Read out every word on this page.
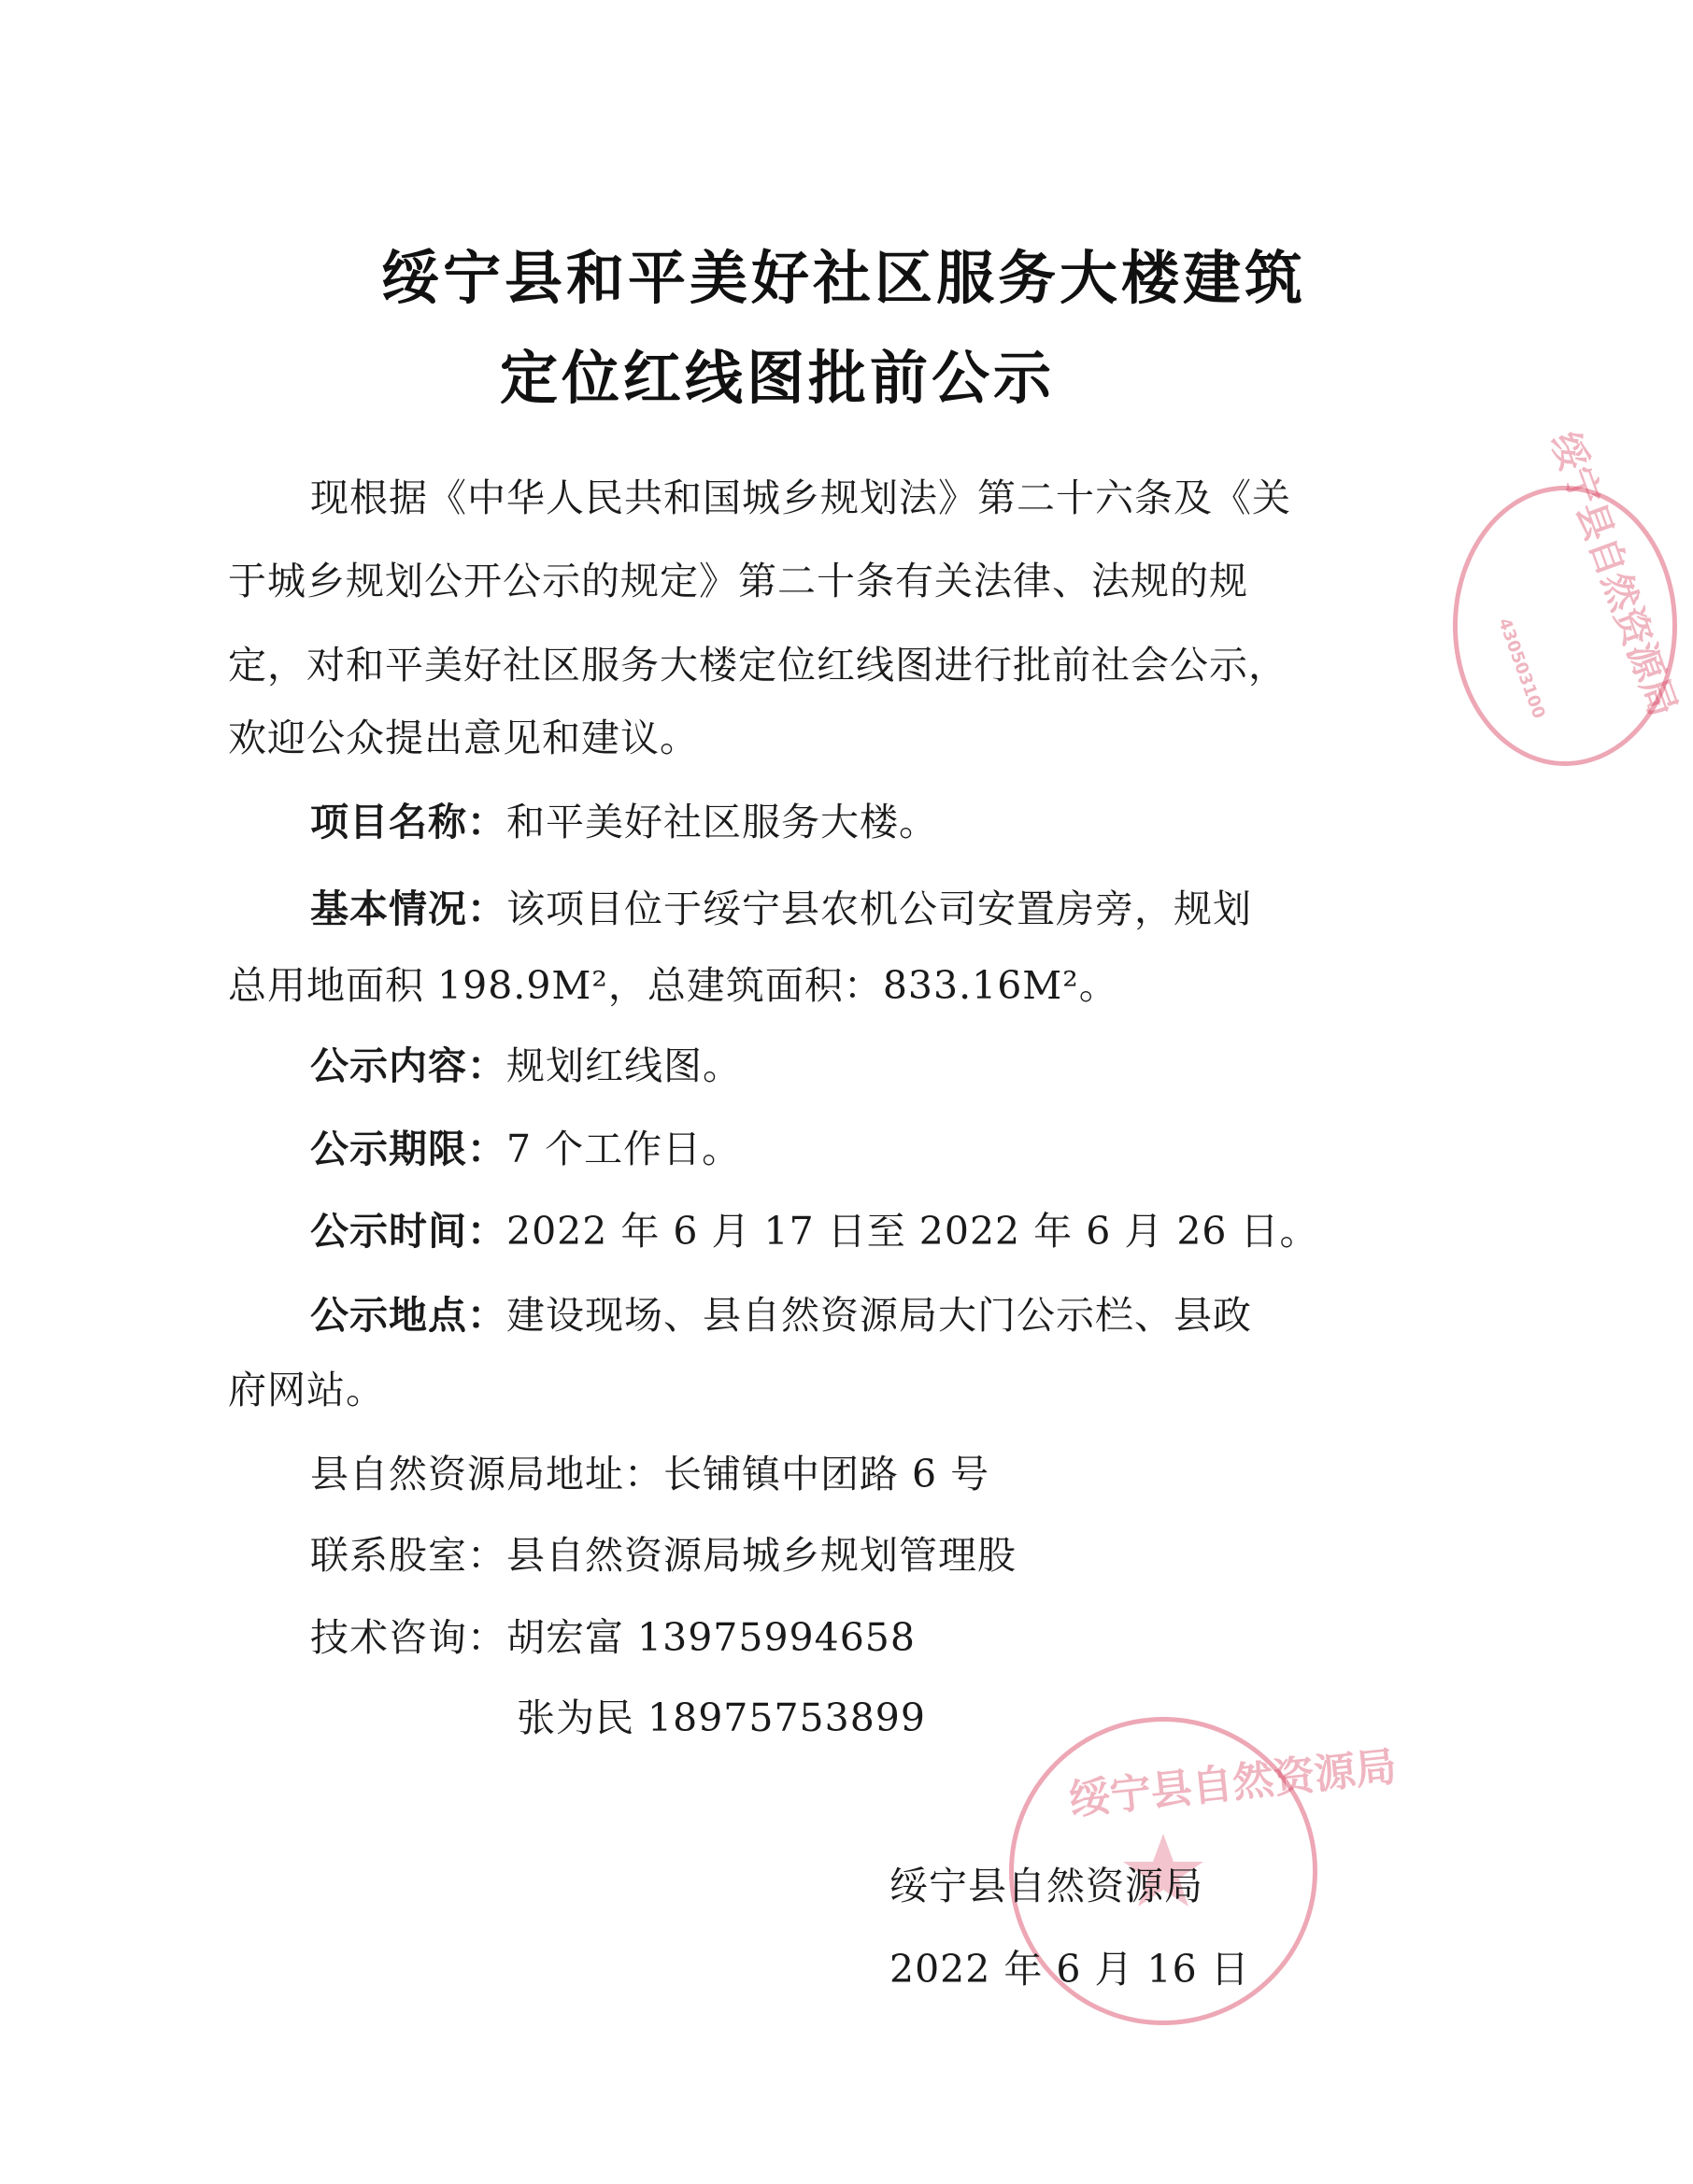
绥宁县和平美好社区服务大楼建筑
定位红线图批前公示
现根据《中华人民共和国城乡规划法》第二十六条及《关
于城乡规划公开公示的规定》第二十条有关法律、法规的规
定，对和平美好社区服务大楼定位红线图进行批前社会公示，
欢迎公众提出意见和建议。
项目名称：和平美好社区服务大楼。
基本情况：该项目位于绥宁县农机公司安置房旁，规划
总用地面积 198.9M²，总建筑面积：833.16M²。
公示内容：规划红线图。
公示期限：7 个工作日。
公示时间：2022 年 6 月 17 日至 2022 年 6 月 26 日。
公示地点：建设现场、县自然资源局大门公示栏、县政
府网站。
县自然资源局地址：长铺镇中团路 6 号
联系股室：县自然资源局城乡规划管理股
技术咨询：胡宏富 13975994658
张为民 18975753899
绥宁县自然资源局
绥宁县自然资源局
430503100
绥宁县自然资源局
2022 年 6 月 16 日
